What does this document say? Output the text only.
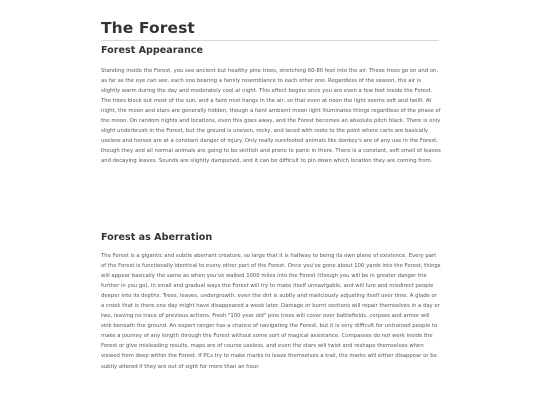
The Forest
Forest Appearance

Standing inside the Forest, you see ancient but healthy pine trees, stretching 60-80 feet into the air. These trees go on and on, as far as the eye can see, each one bearing a family resemblance to each other one. Regardless of the season, the air is slightly warm during the day and moderately cool at night. This effect begins once you are even a few feet inside the Forest. The trees block out most of the sun, and a faint mist hangs in the air, so that even at noon the light seems soft and twilit. At night, the moon and stars are generally hidden, though a faint ambient moon light illuminates things regardless of the phase of the moon. On random nights and locations, even this goes away, and the Forest becomes an absolute pitch black. There is only slight underbrush in the Forest, but the ground is uneven, rocky, and laced with roots to the point where carts are basically useless and horses are at a constant danger of injury. Only really surefooted animals like donkey's are of any use in the Forest, though they and all normal animals are going to be skittish and prone to panic in there. There is a constant, soft smell of leaves and decaying leaves. Sounds are slightly dampened, and it can be difficult to pin down which location they are coming from.

Forest as Aberration

The Forest is a gigantic and subtle aberrant creature, so large that it is halfway to being its own plane of existence. Every part of the Forest is functionally identical to every other part of the Forest. Once you've gone about 100 yards into the Forest, things will appear basically the same as when you've walked 1000 miles into the Forest (though you will be in greater danger the further in you go). In small and gradual ways the Forest will try to make itself unnavigable, and will lure and misdirect people deeper into its depths. Trees, leaves, undergrowth, even the dirt is subtly and maliciously adjusting itself over time. A glade or a creek that is there one day might have disappeared a week later. Damage or burnt sections will repair themselves in a day or two, leaving no trace of previous actions. Fresh "100 year old" pine trees will cover over battlefields, corpses and armor will sink beneath the ground. An expert ranger has a chance of navigating the Forest, but it is very difficult for untrained people to make a journey of any length through the Forest without some sort of magical assistance. Compasses do not work inside the Forest or give misleading results, maps are of course useless, and even the stars will twist and reshape themselves when viewed from deep within the Forest. If PCs try to make marks to leave themselves a trail, the marks will either disappear or be subtly altered if they are out of sight for more than an hour.
